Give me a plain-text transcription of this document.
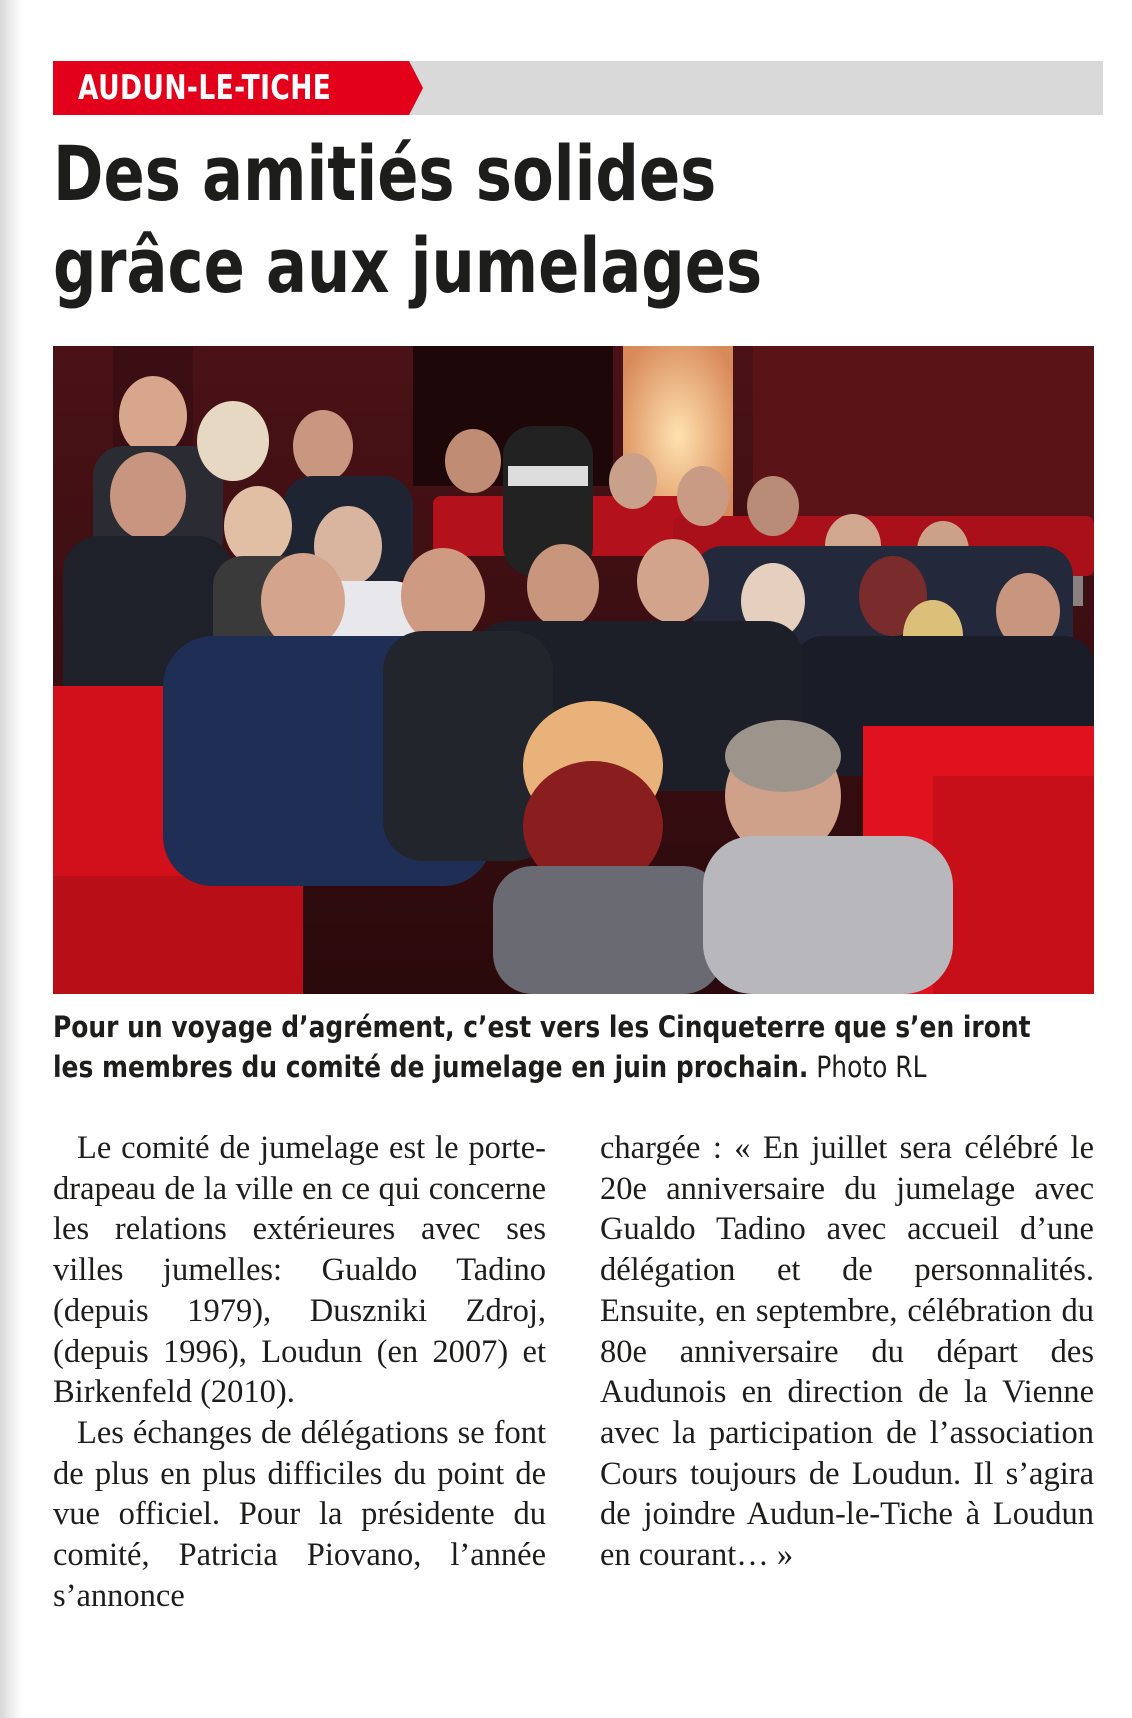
AUDUN-LE-TICHE
Des amitiés solides
grâce aux jumelages
Pour un voyage d’agrément, c’est vers les Cinqueterre que s’en iront
les membres du comité de jumelage en juin prochain. Photo RL

Le comité de jumelage est le porte-drapeau de la ville en ce qui concerne les relations extérieures avec ses villes jumelles: Gualdo Tadino (depuis 1979), Duszniki Zdroj, (depuis 1996), Loudun (en 2007) et Birkenfeld (2010).

Les échanges de délégations se font de plus en plus difficiles du point de vue officiel. Pour la présidente du comité, Patricia Piovano, l’année s’annonce

chargée : « En juillet sera célébré le 20e anniversaire du jumelage avec Gualdo Tadino avec accueil d’une délégation et de personnalités. Ensuite, en septembre, célébration du 80e anniversaire du départ des Audunois en direction de la Vienne avec la participation de l’association Cours toujours de Loudun. Il s’agira de joindre Audun-le-Tiche à Loudun en courant… »
